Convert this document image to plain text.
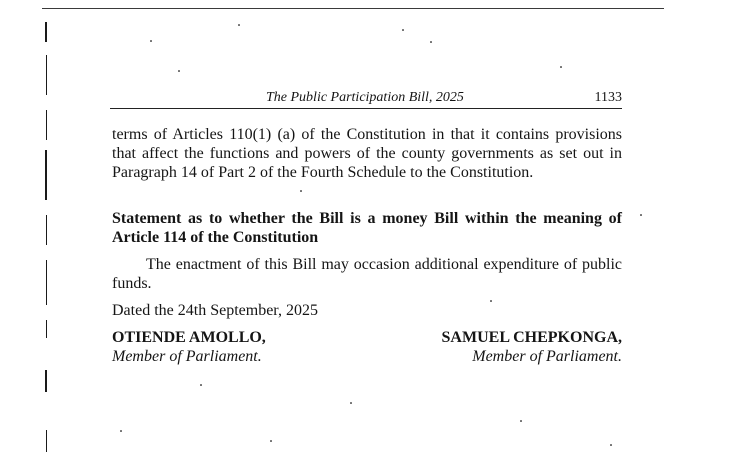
The Public Participation Bill, 2025	1133

terms of Articles 110(1) (a) of the Constitution in that it contains provisions that affect the functions and powers of the county governments as set out in Paragraph 14 of Part 2 of the Fourth Schedule to the Constitution.

Statement as to whether the Bill is a money Bill within the meaning of Article 114 of the Constitution

The enactment of this Bill may occasion additional expenditure of public funds.

Dated the 24th September, 2025

OTIENDE AMOLLO,
Member of Parliament.
SAMUEL CHEPKONGA,
Member of Parliament.
